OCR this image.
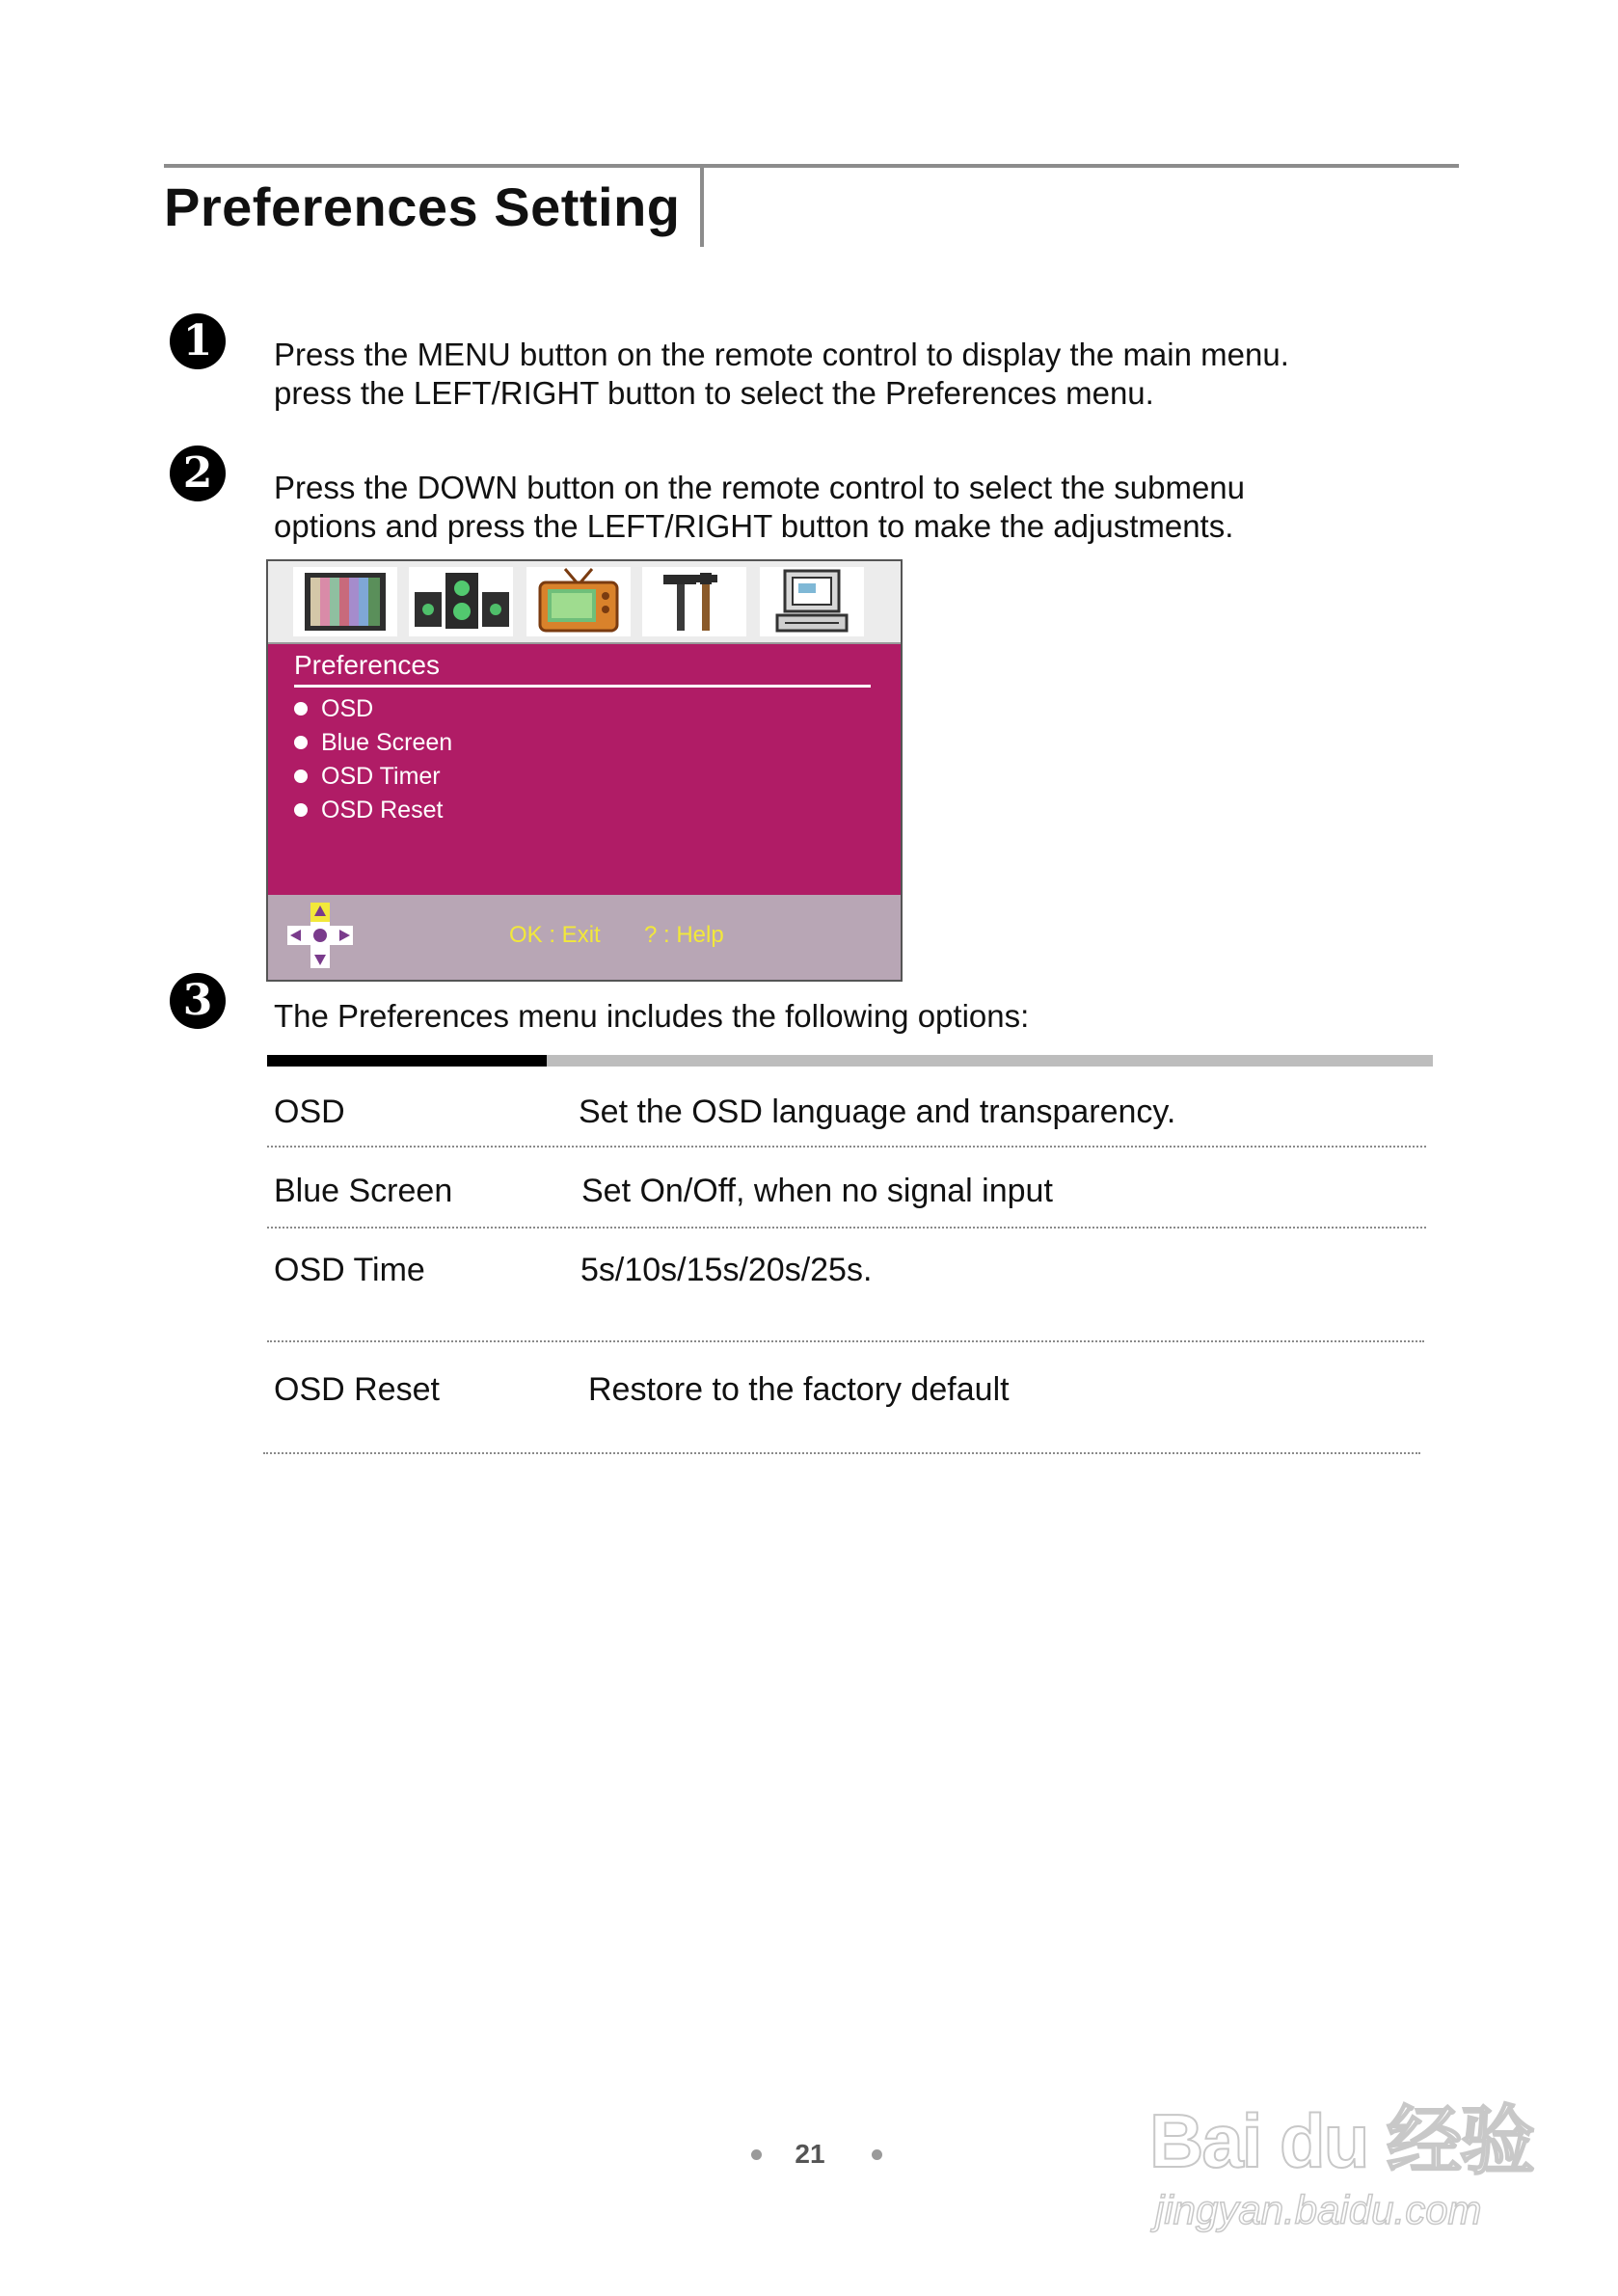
Preferences Setting
1	Press the MENU button on the remote control to display the main menu.
press the LEFT/RIGHT button to select the Preferences menu.
2	Press the DOWN button on the remote control to select the submenu
options and press the LEFT/RIGHT button to make the adjustments.
Preferences
OSD
Blue Screen
OSD Timer
OSD Reset
OK : Exit ? : Help
3	The Preferences menu includes the following options:
OSD	Set the OSD language and transparency.
Blue Screen	Set On/Off, when no signal input
OSD Time	5s/10s/15s/20s/25s.
OSD Reset	Restore to the factory default
21	Bai du 经验
jingyan.baidu.com
